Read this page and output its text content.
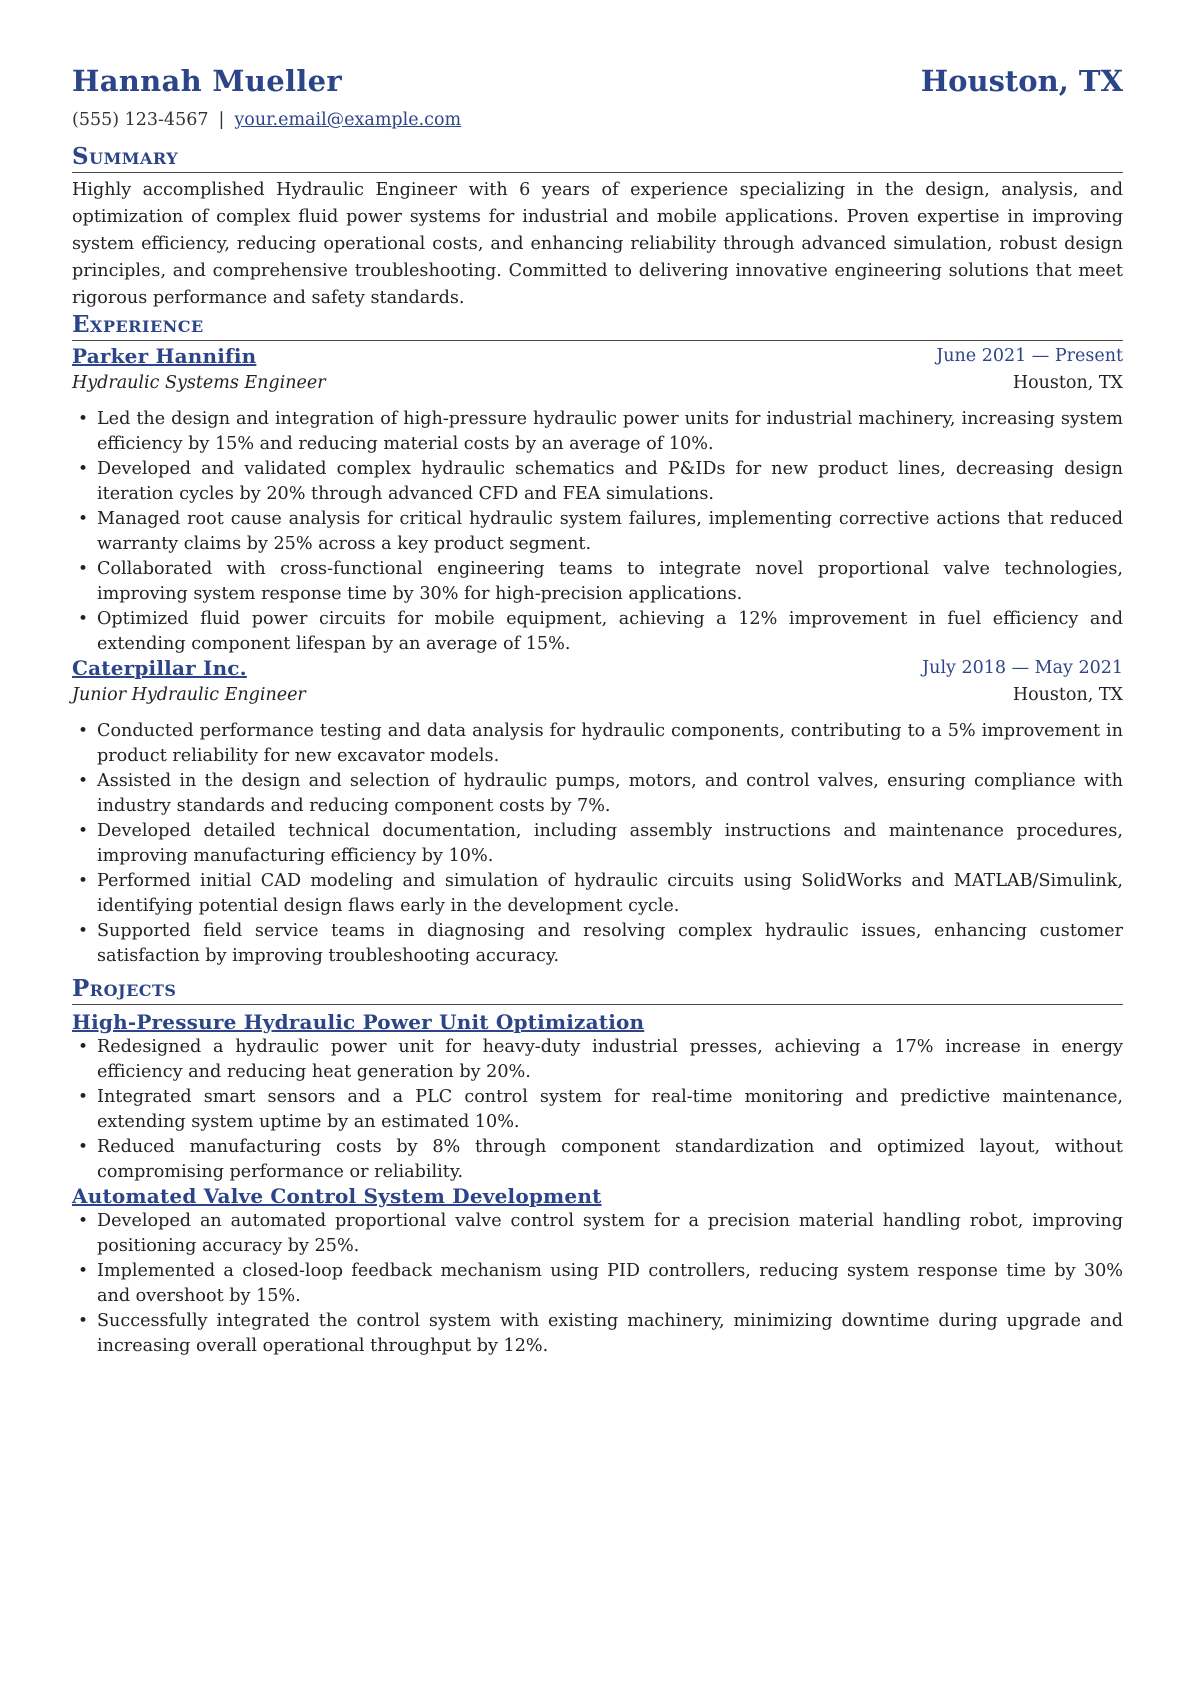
Hannah Mueller	Houston, TX
(555) 123-4567 | your.email@example.com
Summary
Highly accomplished Hydraulic Engineer with 6 years of experience specializing in the design, analysis, and optimization of complex fluid power systems for industrial and mobile applications. Proven expertise in improving system efficiency, reducing operational costs, and enhancing reliability through advanced simulation, robust design principles, and comprehensive troubleshooting. Committed to delivering innovative engineering solutions that meet rigorous performance and safety standards.
Experience
Parker Hannifin	June 2021 — Present
Hydraulic Systems Engineer	Houston, TX
• Led the design and integration of high-pressure hydraulic power units for industrial machinery, increasing system efficiency by 15% and reducing material costs by an average of 10%.
• Developed and validated complex hydraulic schematics and P&IDs for new product lines, decreasing design iteration cycles by 20% through advanced CFD and FEA simulations.
• Managed root cause analysis for critical hydraulic system failures, implementing corrective actions that reduced warranty claims by 25% across a key product segment.
• Collaborated with cross-functional engineering teams to integrate novel proportional valve technologies, improving system response time by 30% for high-precision applications.
• Optimized fluid power circuits for mobile equipment, achieving a 12% improvement in fuel efficiency and extending component lifespan by an average of 15%.
Caterpillar Inc.	July 2018 — May 2021
Junior Hydraulic Engineer	Houston, TX
• Conducted performance testing and data analysis for hydraulic components, contributing to a 5% improvement in product reliability for new excavator models.
• Assisted in the design and selection of hydraulic pumps, motors, and control valves, ensuring compliance with industry standards and reducing component costs by 7%.
• Developed detailed technical documentation, including assembly instructions and maintenance procedures, improving manufacturing efficiency by 10%.
• Performed initial CAD modeling and simulation of hydraulic circuits using SolidWorks and MATLAB/Simulink, identifying potential design flaws early in the development cycle.
• Supported field service teams in diagnosing and resolving complex hydraulic issues, enhancing customer satisfaction by improving troubleshooting accuracy.
Projects
High-Pressure Hydraulic Power Unit Optimization
• Redesigned a hydraulic power unit for heavy-duty industrial presses, achieving a 17% increase in energy efficiency and reducing heat generation by 20%.
• Integrated smart sensors and a PLC control system for real-time monitoring and predictive maintenance, extending system uptime by an estimated 10%.
• Reduced manufacturing costs by 8% through component standardization and optimized layout, without compromising performance or reliability.
Automated Valve Control System Development
• Developed an automated proportional valve control system for a precision material handling robot, improving positioning accuracy by 25%.
• Implemented a closed-loop feedback mechanism using PID controllers, reducing system response time by 30% and overshoot by 15%.
• Successfully integrated the control system with existing machinery, minimizing downtime during upgrade and increasing overall operational throughput by 12%.
